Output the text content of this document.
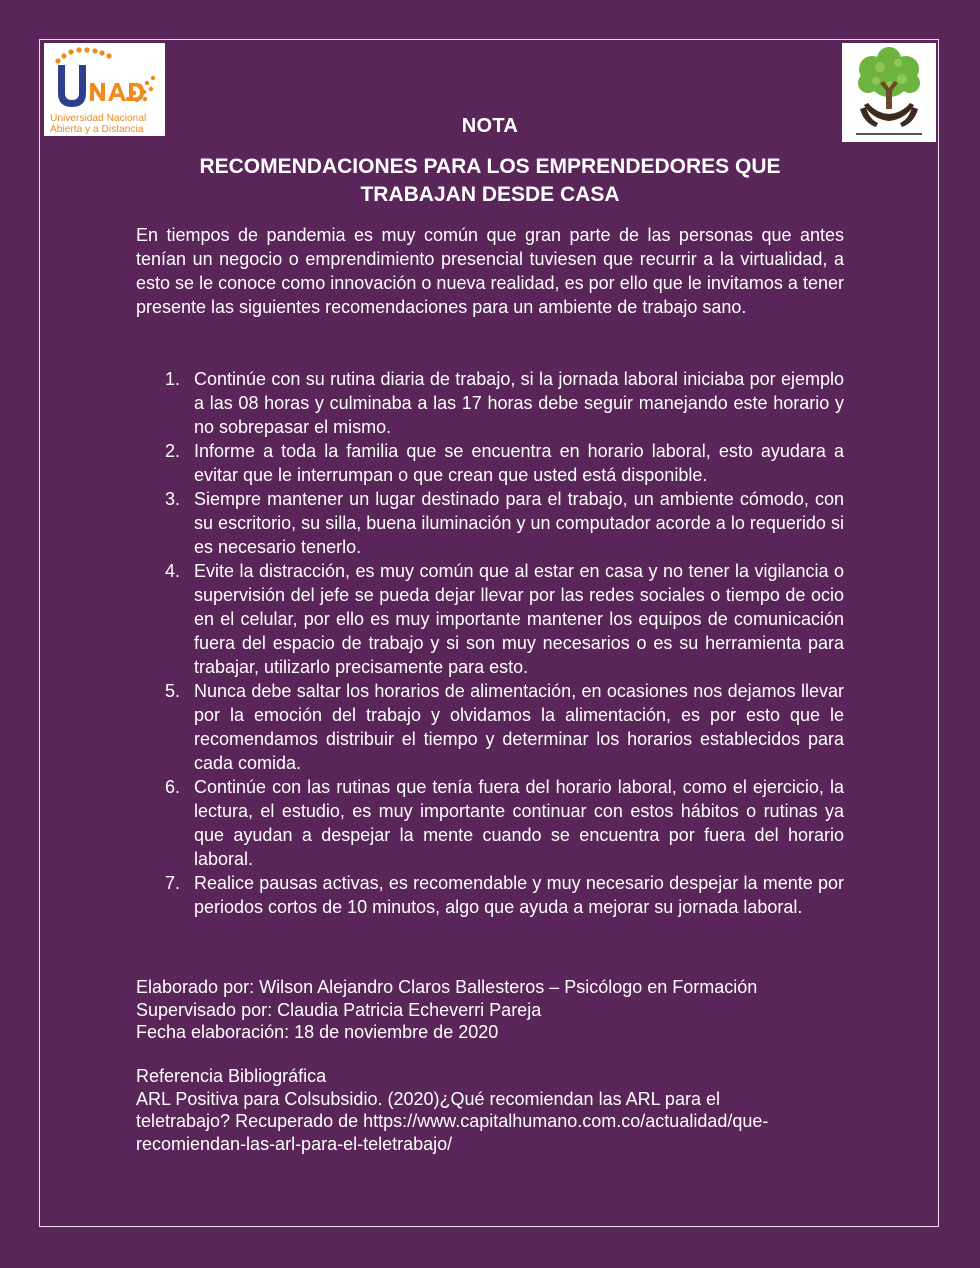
Universidad Nacional
Abierta y a Distancia	NOTA
RECOMENDACIONES PARA LOS EMPRENDEDORES QUE
TRABAJAN DESDE CASA
En tiempos de pandemia es muy común que gran parte de las personas que antes tenían un negocio o emprendimiento presencial tuviesen que recurrir a la virtualidad, a esto se le conoce como innovación o nueva realidad, es por ello que le invitamos a tener presente las siguientes recomendaciones para un ambiente de trabajo sano.
1. Continúe con su rutina diaria de trabajo, si la jornada laboral iniciaba por ejemplo a las 08 horas y culminaba a las 17 horas debe seguir manejando este horario y no sobrepasar el mismo.
2. Informe a toda la familia que se encuentra en horario laboral, esto ayudara a evitar que le interrumpan o que crean que usted está disponible.
3. Siempre mantener un lugar destinado para el trabajo, un ambiente cómodo, con su escritorio, su silla, buena iluminación y un computador acorde a lo requerido si es necesario tenerlo.
4. Evite la distracción, es muy común que al estar en casa y no tener la vigilancia o supervisión del jefe se pueda dejar llevar por las redes sociales o tiempo de ocio en el celular, por ello es muy importante mantener los equipos de comunicación fuera del espacio de trabajo y si son muy necesarios o es su herramienta para trabajar, utilizarlo precisamente para esto.
5. Nunca debe saltar los horarios de alimentación, en ocasiones nos dejamos llevar por la emoción del trabajo y olvidamos la alimentación, es por esto que le recomendamos distribuir el tiempo y determinar los horarios establecidos para cada comida.
6. Continúe con las rutinas que tenía fuera del horario laboral, como el ejercicio, la lectura, el estudio, es muy importante continuar con estos hábitos o rutinas ya que ayudan a despejar la mente cuando se encuentra por fuera del horario laboral.
7. Realice pausas activas, es recomendable y muy necesario despejar la mente por periodos cortos de 10 minutos, algo que ayuda a mejorar su jornada laboral.
Elaborado por: Wilson Alejandro Claros Ballesteros – Psicólogo en Formación
Supervisado por: Claudia Patricia Echeverri Pareja
Fecha elaboración: 18 de noviembre de 2020
Referencia Bibliográfica
ARL Positiva para Colsubsidio. (2020)¿Qué recomiendan las ARL para el
teletrabajo? Recuperado de https://www.capitalhumano.com.co/actualidad/que-
recomiendan-las-arl-para-el-teletrabajo/
